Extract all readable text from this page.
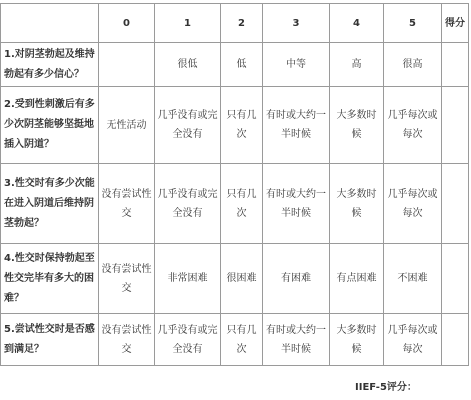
	0	1	2	3	4	5	得分
1.对阴茎勃起及维持勃起有多少信心？		很低	低	中等	高	很高	
2.受到性刺激后有多少次阴茎能够坚挺地插入阴道？	无性活动	几乎没有或完全没有	只有几次	有时或大约一半时候	大多数时候	几乎每次或每次	
3.性交时有多少次能在进入阴道后维持阴茎勃起？	没有尝试性交	几乎没有或完全没有	只有几次	有时或大约一半时候	大多数时候	几乎每次或每次	
4.性交时保持勃起至性交完毕有多大的困难？	没有尝试性交	非常困难	很困难	有困难	有点困难	不困难	
5.尝试性交时是否感到满足？	没有尝试性交	几乎没有或完全没有	只有几次	有时或大约一半时候	大多数时候	几乎每次或每次	
IIEF-5评分：
